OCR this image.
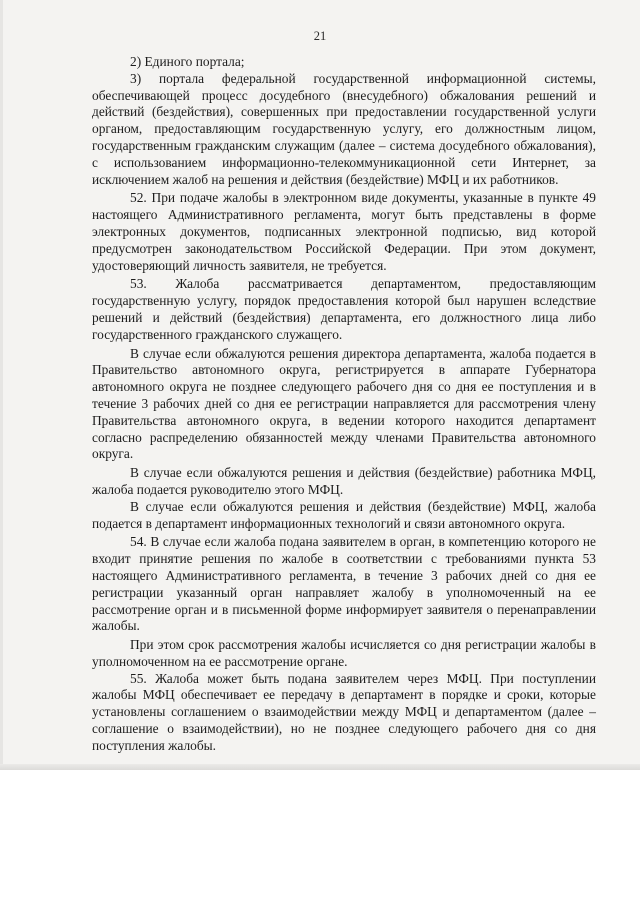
21

2) Единого портала;

3) портала федеральной государственной информационной системы, обеспечивающей процесс досудебного (внесудебного) обжалования решений и действий (бездействия), совершенных при предоставлении государственной услуги органом, предоставляющим государственную услугу, его должностным лицом, государственным гражданским служащим (далее – система досудебного обжалования), с использованием информационно-телекоммуникационной сети Интернет, за исключением жалоб на решения и действия (бездействие) МФЦ и их работников.

52. При подаче жалобы в электронном виде документы, указанные в пункте 49 настоящего Административного регламента, могут быть представлены в форме электронных документов, подписанных электронной подписью, вид которой предусмотрен законодательством Российской Федерации. При этом документ, удостоверяющий личность заявителя, не требуется.

53. Жалоба рассматривается департаментом, предоставляющим государственную услугу, порядок предоставления которой был нарушен вследствие решений и действий (бездействия) департамента, его должностного лица либо государственного гражданского служащего.

В случае если обжалуются решения директора департамента, жалоба подается в Правительство автономного округа, регистрируется в аппарате Губернатора автономного округа не позднее следующего рабочего дня со дня ее поступления и в течение 3 рабочих дней со дня ее регистрации направляется для рассмотрения члену Правительства автономного округа, в ведении которого находится департамент согласно распределению обязанностей между членами Правительства автономного округа.

В случае если обжалуются решения и действия (бездействие) работника МФЦ, жалоба подается руководителю этого МФЦ.

В случае если обжалуются решения и действия (бездействие) МФЦ, жалоба подается в департамент информационных технологий и связи автономного округа.

54. В случае если жалоба подана заявителем в орган, в компетенцию которого не входит принятие решения по жалобе в соответствии с требованиями пункта 53 настоящего Административного регламента, в течение 3 рабочих дней со дня ее регистрации указанный орган направляет жалобу в уполномоченный на ее рассмотрение орган и в письменной форме информирует заявителя о перенаправлении жалобы.

При этом срок рассмотрения жалобы исчисляется со дня регистрации жалобы в уполномоченном на ее рассмотрение органе.

55. Жалоба может быть подана заявителем через МФЦ. При поступлении жалобы МФЦ обеспечивает ее передачу в департамент в порядке и сроки, которые установлены соглашением о взаимодействии между МФЦ и департаментом (далее – соглашение о взаимодействии), но не позднее следующего рабочего дня со дня поступления жалобы.
